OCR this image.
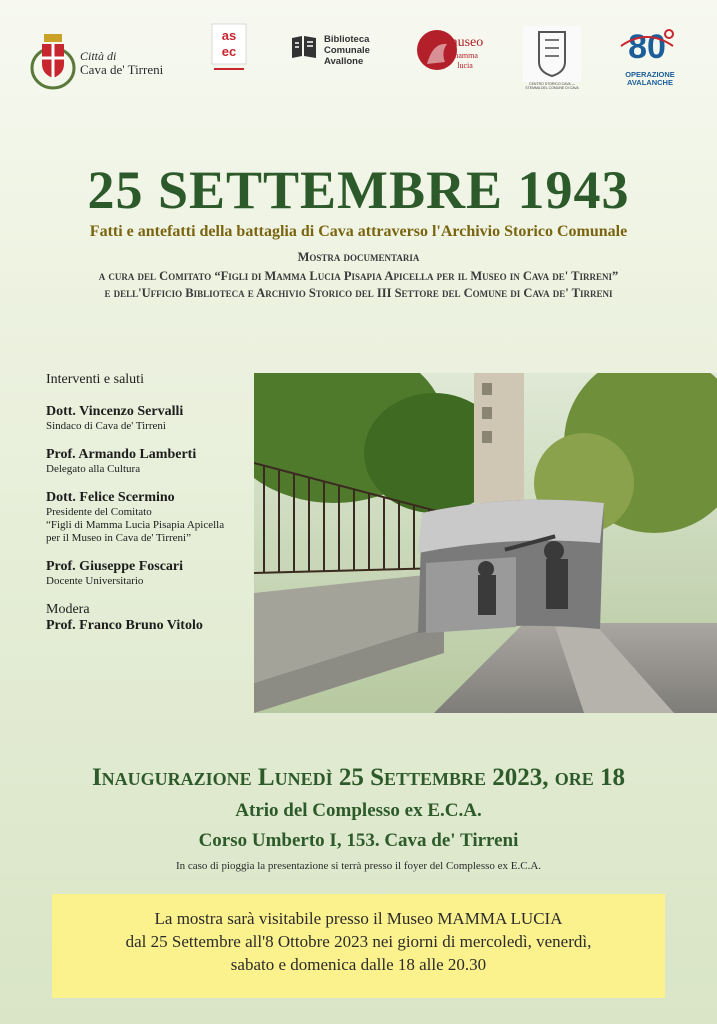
Città di
Cava de' Tirreni
as
ec
Biblioteca
Comunale
Avallone
museo
mamma
lucia
CENTRO STORICO CAVA — STEMMA DEL COMUNE DI CAVA
80
OPERAZIONE AVALANCHE
25 SETTEMBRE 1943
Fatti e antefatti della battaglia di Cava attraverso l'Archivio Storico Comunale
Mostra documentaria
a cura del Comitato “Figli di Mamma Lucia Pisapia Apicella per il Museo in Cava de' Tirreni”
e dell'Ufficio Biblioteca e Archivio Storico del III Settore del Comune di Cava de' Tirreni
Interventi e saluti
Dott. Vincenzo Servalli
Sindaco di Cava de' Tirreni
Prof. Armando Lamberti
Delegato alla Cultura
Dott. Felice Scermino
Presidente del Comitato
“Figli di Mamma Lucia Pisapia Apicella
per il Museo in Cava de' Tirreni”
Prof. Giuseppe Foscari
Docente Universitario
Modera
Prof. Franco Bruno Vitolo
Inaugurazione Lunedì 25 Settembre 2023, ore 18
Atrio del Complesso ex E.C.A.
Corso Umberto I, 153. Cava de' Tirreni
In caso di pioggia la presentazione si terrà presso il foyer del Complesso ex E.C.A.
La mostra sarà visitabile presso il Museo MAMMA LUCIA
dal 25 Settembre all'8 Ottobre 2023 nei giorni di mercoledì, venerdì,
sabato e domenica dalle 18 alle 20.30
